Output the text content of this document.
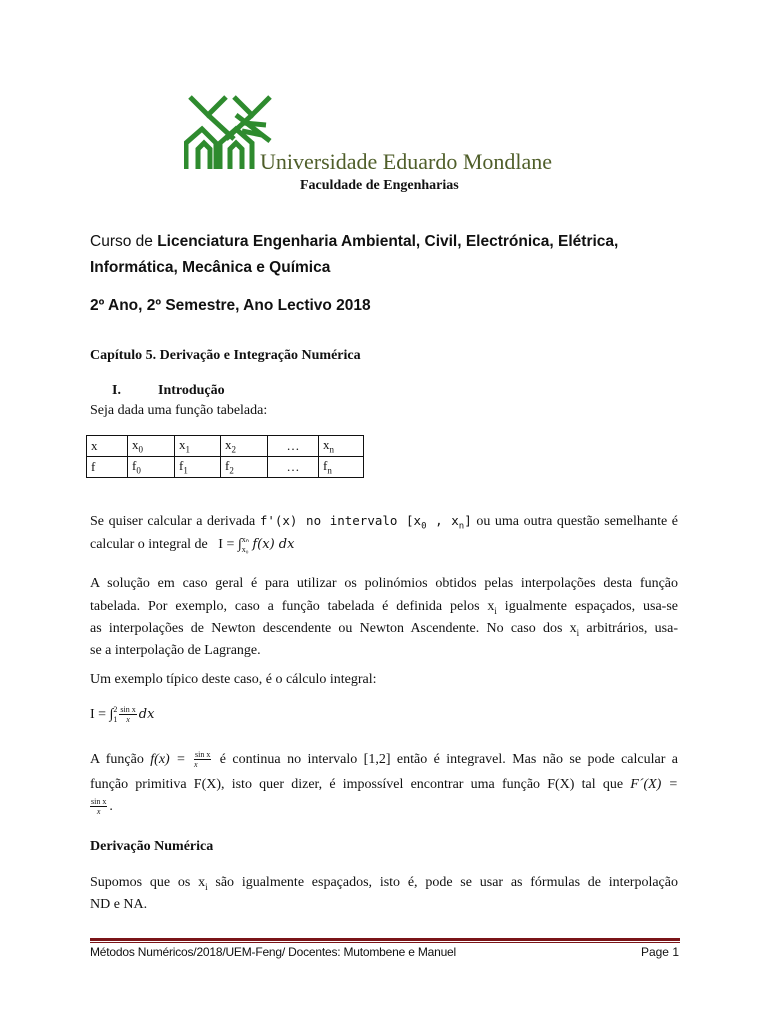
Universidade Eduardo Mondlane
Faculdade de Engenharias
Curso de Licenciatura Engenharia Ambiental, Civil, Electrónica, Elétrica,
Informática, Mecânica e Química
2º Ano, 2º Semestre, Ano Lectivo 2018
Capítulo 5. Derivação e Integração Numérica
I.	Introdução
Seja dada uma função tabelada:
x	$x_0$	$x_1$	$x_2$	…	$x_n$
f	$f_0$	$f_1$	$f_2$	…	$f_n$
Se quiser calcular a derivada f'(x) no intervalo [$x_0$ , $x_n$] ou uma outra questão semelhante é
calcular o integral de I = ∫ xₙ
x₀ f(x) dx
A solução em caso geral é para utilizar os polinómios obtidos pelas interpolações desta função
tabelada. Por exemplo, caso a função tabelada é definida pelos $x_i$ igualmente espaçados, usa-se
as interpolações de Newton descendente ou Newton Ascendente. No caso dos $x_i$ arbitrários, usa-
se a interpolação de Lagrange.
Um exemplo típico deste caso, é o cálculo integral:
I = ∫ 2
$1 \frac{\text{sin x}}{x}$ dx
A função $f(x) = \frac{\text{sin x}}{x}$ é continua no intervalo [1,2] então é integravel. Mas não se pode calcular a
função primitiva F(X), isto quer dizer, é impossível encontrar uma função F(X) tal que F´(X) =
$\frac{\text{sin x}}{x}$ .
Derivação Numérica
Supomos que os $x_i$ são igualmente espaçados, isto é, pode se usar as fórmulas de interpolação
ND e NA.
Métodos Numéricos/2018/UEM-Feng/ Docentes: Mutombene e Manuel	Page 1
